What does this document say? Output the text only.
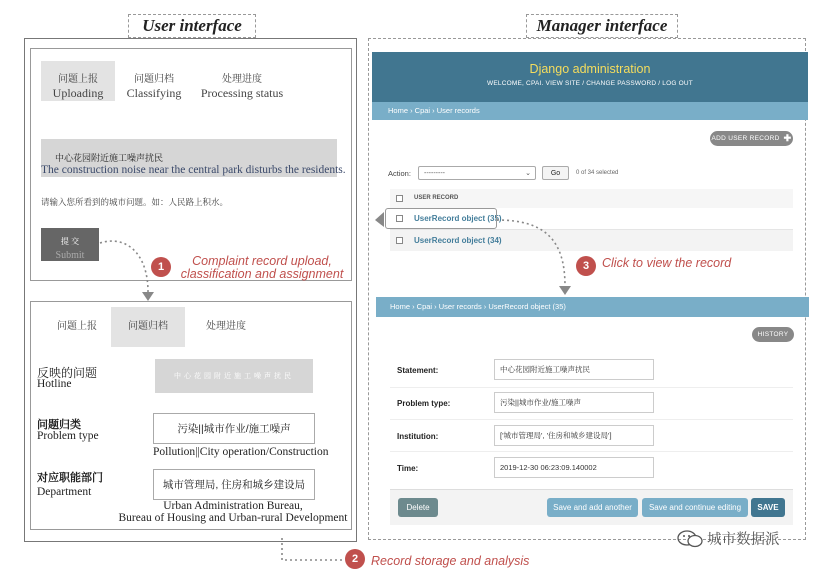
User interface	Manager interface
问题上报
Uploading
问题归档
Classifying
处理进度
Processing status
中心花园附近施工噪声扰民
The construction noise near the central park disturbs the residents.
请输入您所看到的城市问题。如：人民路上积水。
提 交
Submit
问题上报	问题归档	处理进度
反映的问题
Hotline
中心花园附近施工噪声扰民
问题归类
Problem type
污染||城市作业/施工噪声
Pollution||City operation/Construction
对应职能部门
Department
城市管理局, 住房和城乡建设局
Urban Administration Bureau,
Bureau of Housing and Urban-rural Development
Django administration
WELCOME, CPAI. VIEW SITE / CHANGE PASSWORD / LOG OUT
Home › Cpai › User records
ADD USER RECORD ✚
Action:	---------	⌄	Go	0 of 34 selected
USER RECORD
UserRecord object (35)
UserRecord object (34)
Home › Cpai › User records › UserRecord object (35)
HISTORY
Statement:	中心花园附近施工噪声扰民
Problem type:	污染||城市作业/施工噪声
Institution:	['城市管理局', '住房和城乡建设局']
Time:	2019-12-30 06:23:09.140002
Delete	Save and add another	Save and continue editing	SAVE
1	Complaint record upload,
classification and assignment
2	Record storage and analysis
3	Click to view the record
城市数据派
